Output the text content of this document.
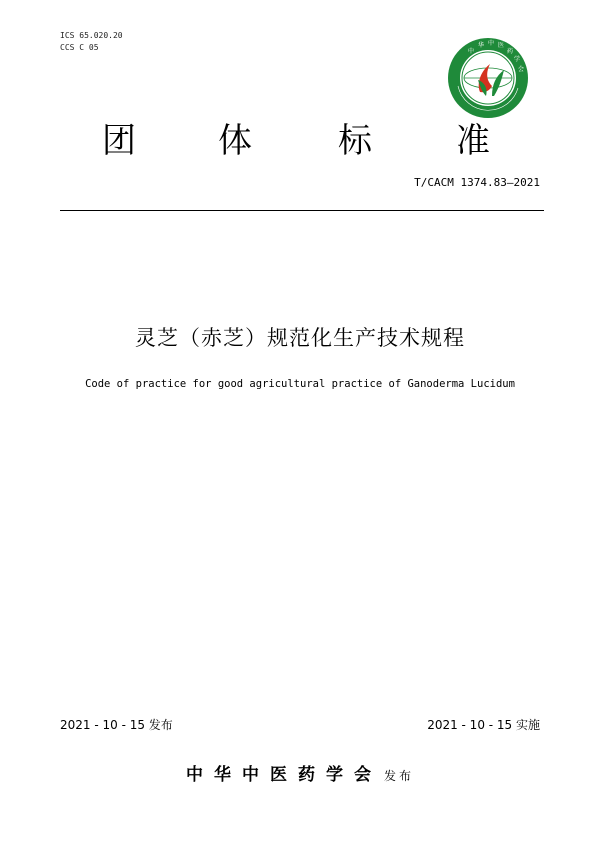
ICS 65.020.20
CCS C 05	中
华 中 医
药
学
会
团 体	标 准
T/CACM 1374.83—2021
灵芝（赤芝）规范化生产技术规程
Code of practice for good agricultural practice of Ganoderma Lucidum
2021 - 10 - 15 发布	2021 - 10 - 15 实施
中华中医药学会 发布
